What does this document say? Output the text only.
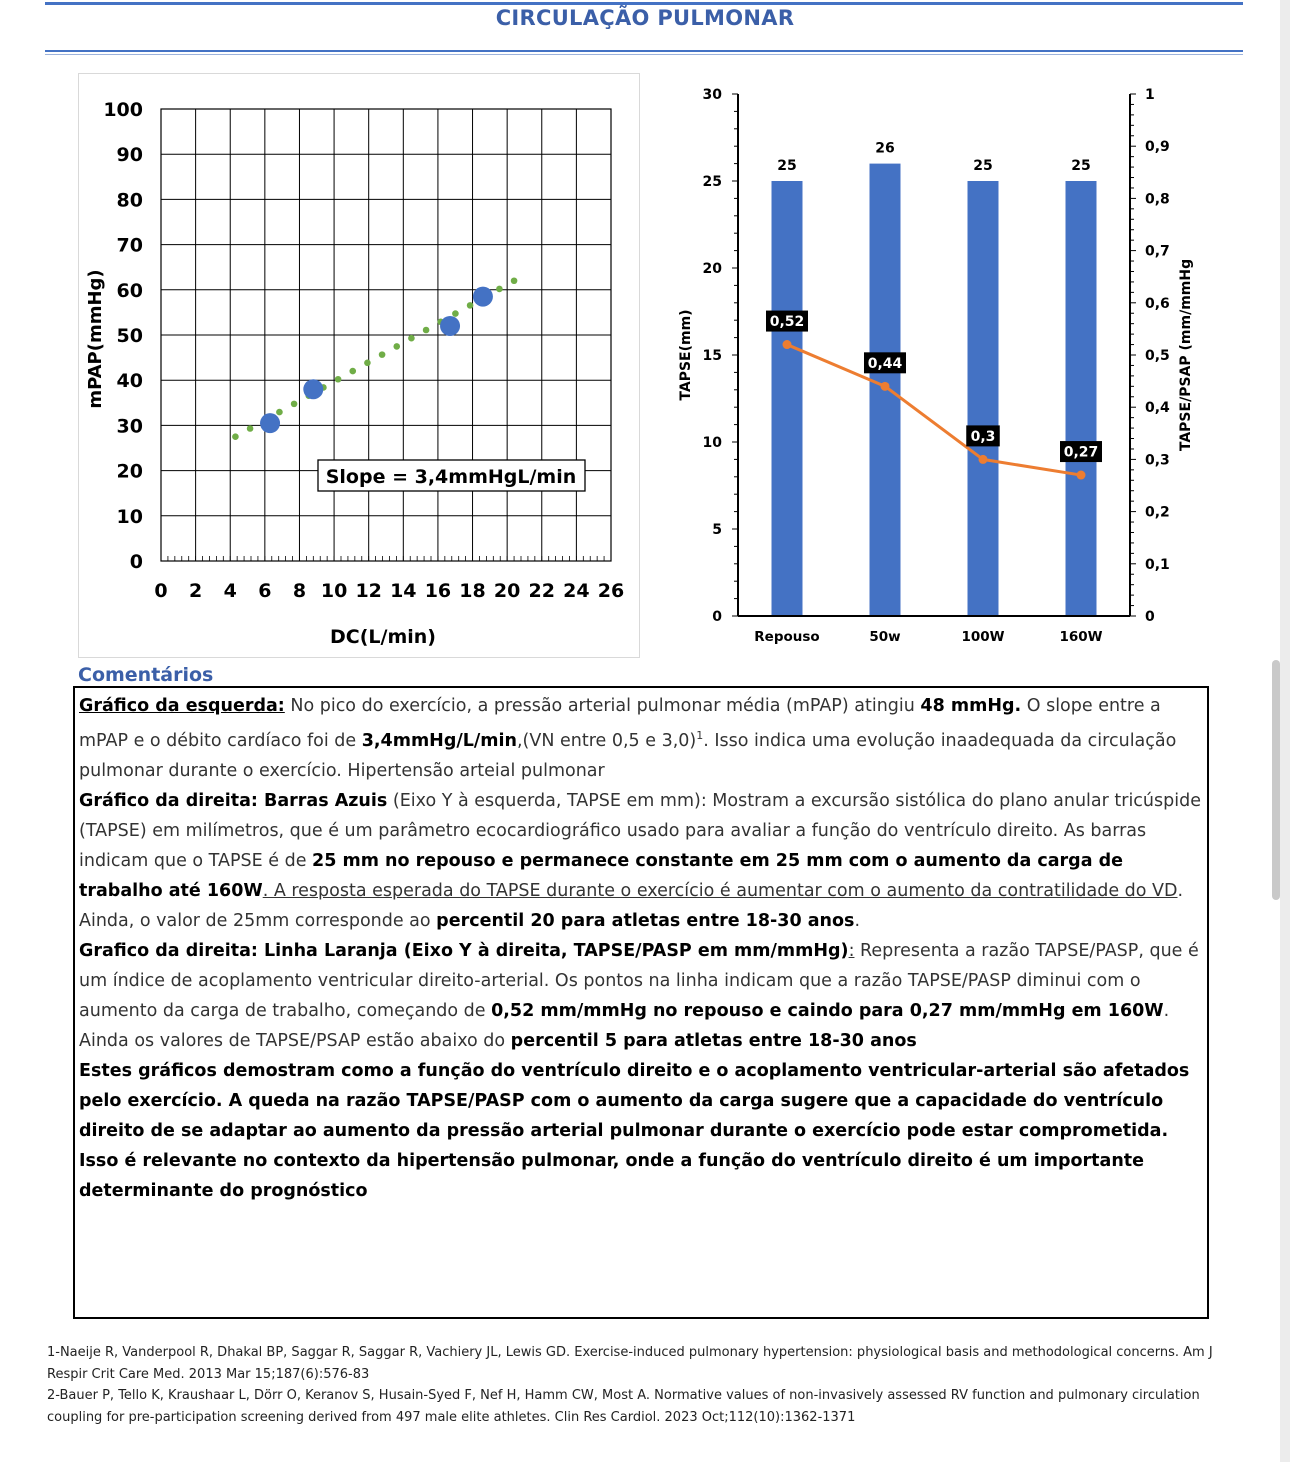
CIRCULAÇÃO PULMONAR
0
10
20
30
40
50
60
70
80
90
100
0 2 4 6 8 10 12 14 16 18 20 22 24 26
mPAP(mmHg)
DC(L/min)
Slope = 3,4mmHgL/min
25
26
25	25
0,52
0,44
0,3
0,27
0
5
10
15
20
25
30
0
0,1
0,2
0,3
0,4
0,5
0,6
0,7
0,8
0,9
1
Repouso	50w	100W	160W
TAPSE(mm)	TAPSE/PSAP (mm/mmHg
Comentários

Gráfico da esquerda: No pico do exercício, a pressão arterial pulmonar média (mPAP) atingiu 48 mmHg. O slope entre a mPAP e o débito cardíaco foi de 3,4mmHg/L/min,(VN entre 0,5 e 3,0)$^1$. Isso indica uma evolução inaadequada da circulação pulmonar durante o exercício. Hipertensão arteial pulmonar

Gráfico da direita: Barras Azuis (Eixo Y à esquerda, TAPSE em mm): Mostram a excursão sistólica do plano anular tricúspide (TAPSE) em milímetros, que é um parâmetro ecocardiográfico usado para avaliar a função do ventrículo direito. As barras indicam que o TAPSE é de 25 mm no repouso e permanece constante em 25 mm com o aumento da carga de trabalho até 160W. A resposta esperada do TAPSE durante o exercício é aumentar com o aumento da contratilidade do VD. Ainda, o valor de 25mm corresponde ao percentil 20 para atletas entre 18-30 anos.

Grafico da direita: Linha Laranja (Eixo Y à direita, TAPSE/PASP em mm/mmHg): Representa a razão TAPSE/PASP, que é um índice de acoplamento ventricular direito-arterial. Os pontos na linha indicam que a razão TAPSE/PASP diminui com o aumento da carga de trabalho, começando de 0,52 mm/mmHg no repouso e caindo para 0,27 mm/mmHg em 160W. Ainda os valores de TAPSE/PSAP estão abaixo do percentil 5 para atletas entre 18-30 anos

Estes gráficos demostram como a função do ventrículo direito e o acoplamento ventricular-arterial são afetados pelo exercício. A queda na razão TAPSE/PASP com o aumento da carga sugere que a capacidade do ventrículo direito de se adaptar ao aumento da pressão arterial pulmonar durante o exercício pode estar comprometida. Isso é relevante no contexto da hipertensão pulmonar, onde a função do ventrículo direito é um importante determinante do prognóstico

1-Naeije R, Vanderpool R, Dhakal BP, Saggar R, Saggar R, Vachiery JL, Lewis GD. Exercise-induced pulmonary hypertension: physiological basis and methodological concerns. Am J Respir Crit Care Med. 2013 Mar 15;187(6):576-83

2-Bauer P, Tello K, Kraushaar L, Dörr O, Keranov S, Husain-Syed F, Nef H, Hamm CW, Most A. Normative values of non-invasively assessed RV function and pulmonary circulation coupling for pre-participation screening derived from 497 male elite athletes. Clin Res Cardiol. 2023 Oct;112(10):1362-1371
